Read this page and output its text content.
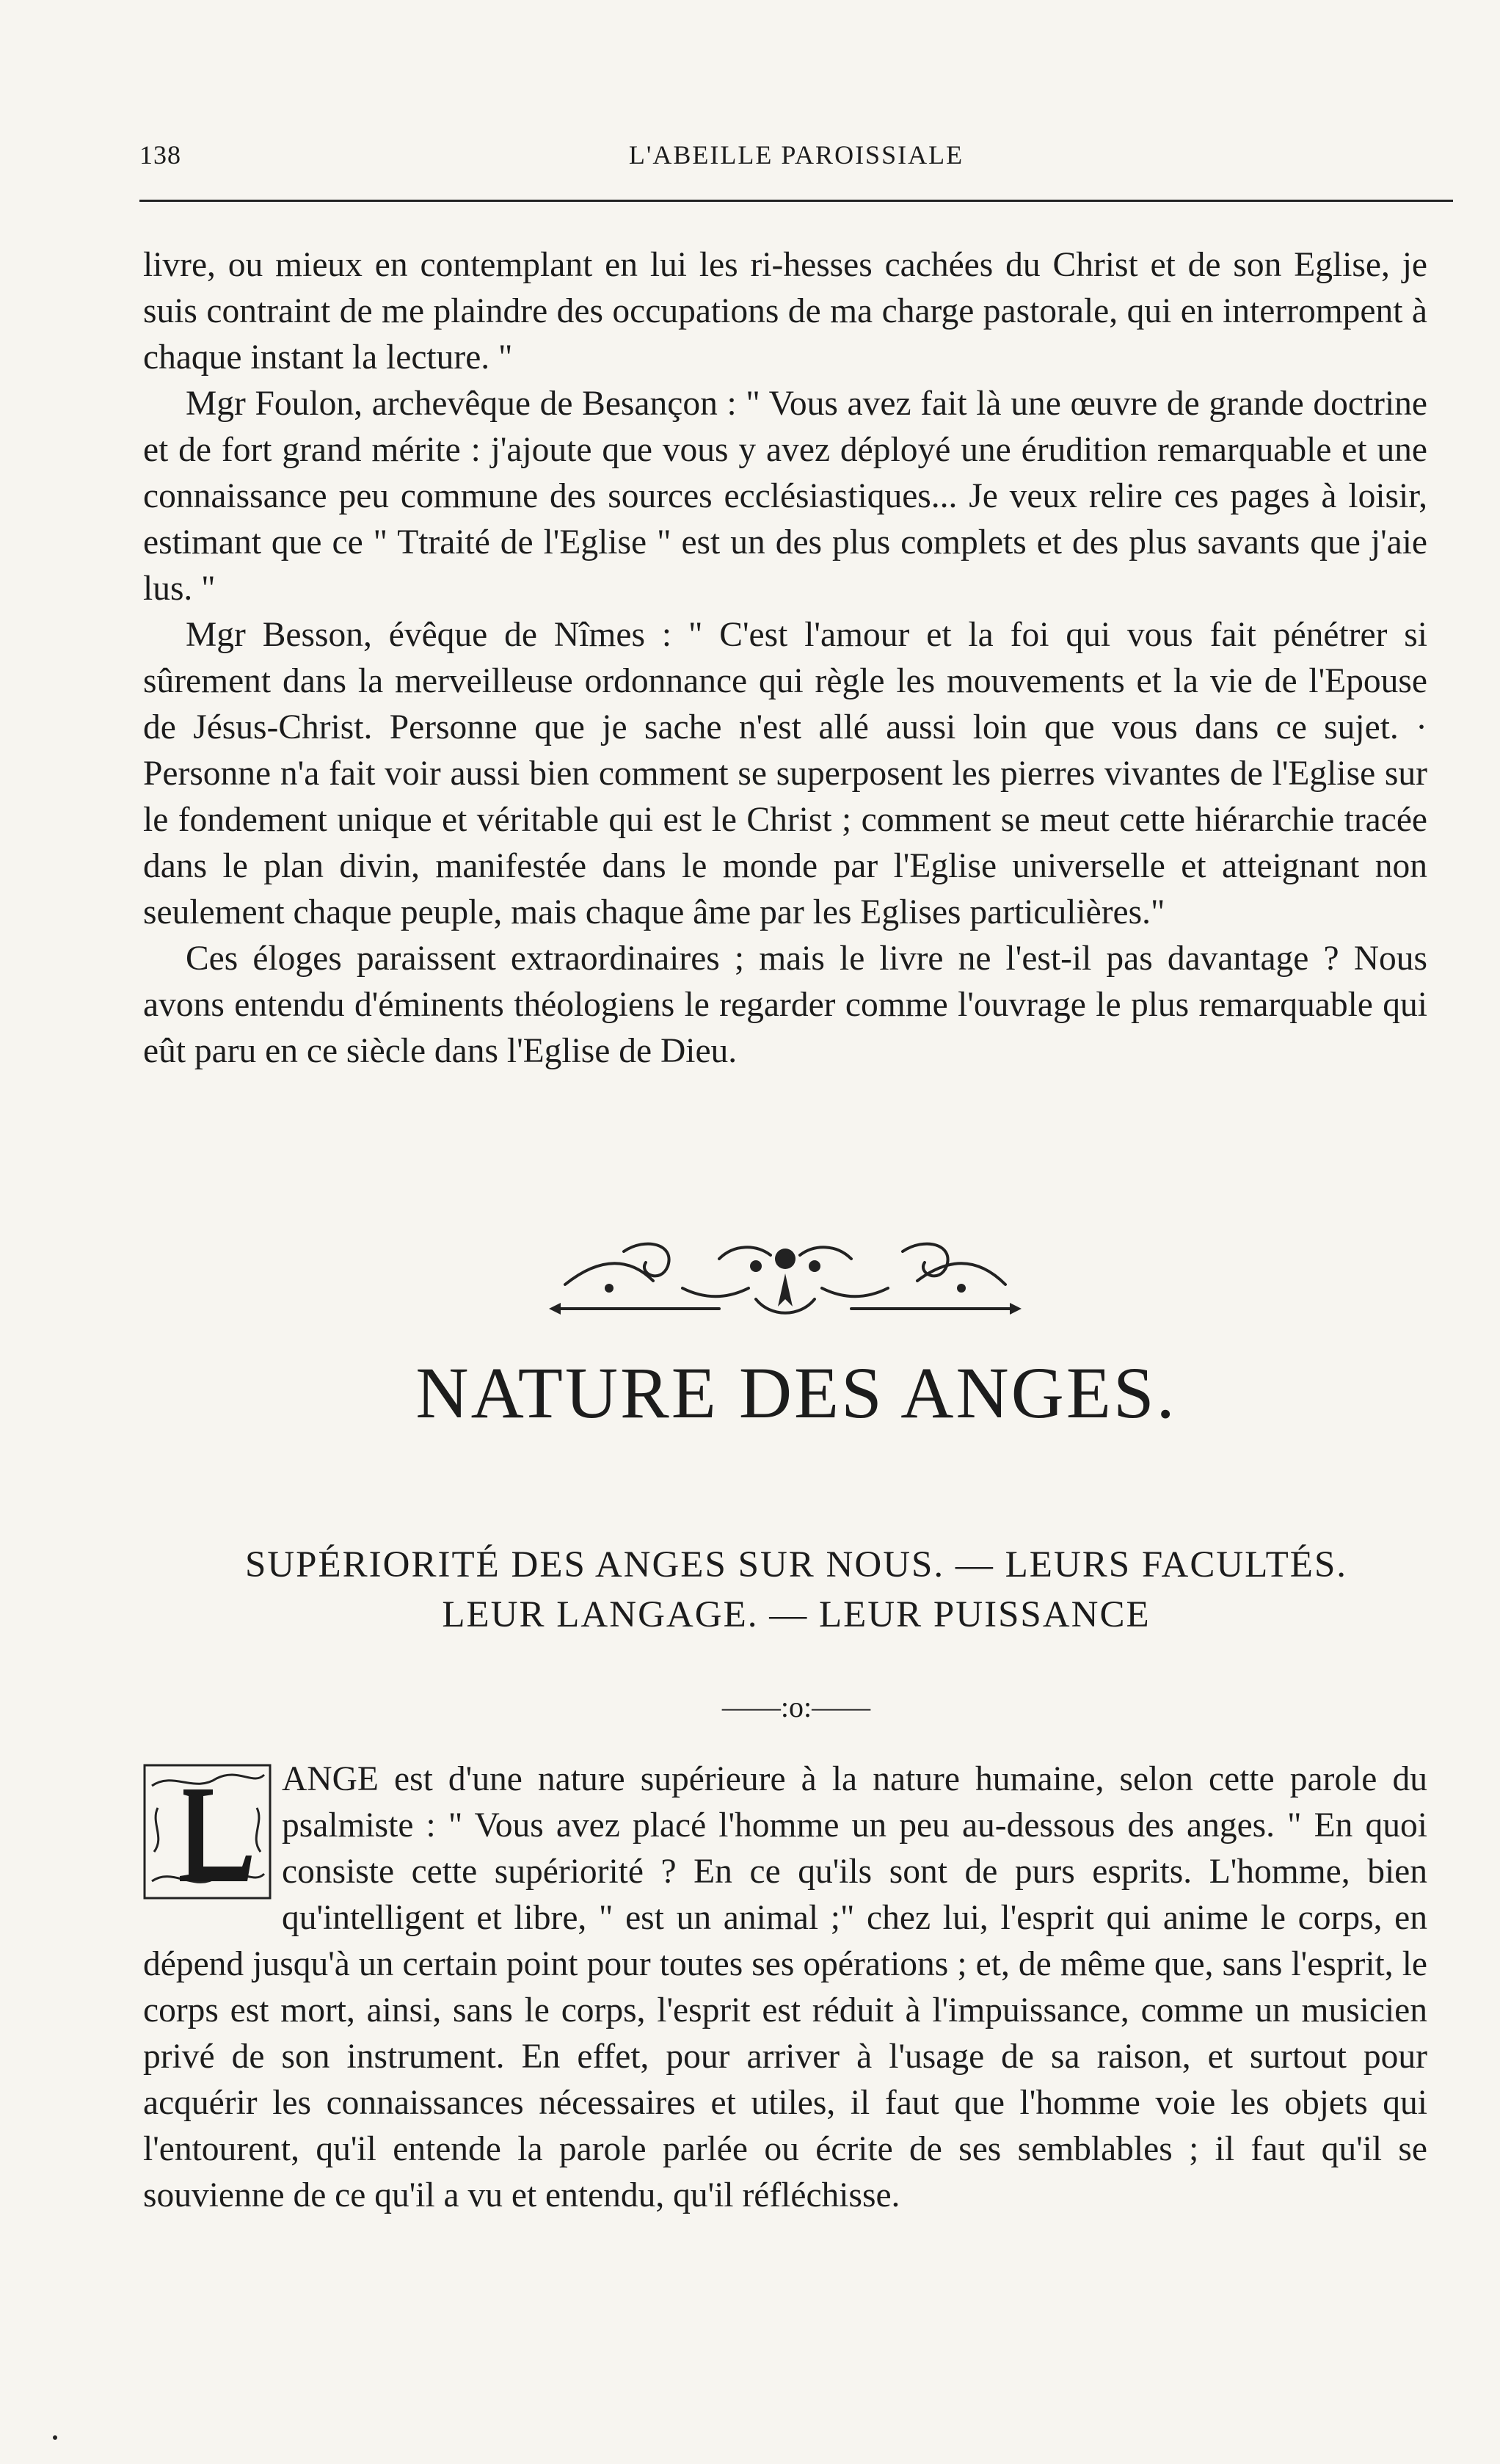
138	L'ABEILLE PAROISSIALE

livre, ou mieux en contemplant en lui les ri-hesses cachées du Christ et de son Eglise, je suis contraint de me plaindre des occupations de ma charge pastorale, qui en interrompent à chaque instant la lecture. "

Mgr Foulon, archevêque de Besançon : " Vous avez fait là une œuvre de grande doctrine et de fort grand mérite : j'ajoute que vous y avez déployé une érudition remarquable et une connaissance peu commune des sources ecclésiastiques... Je veux relire ces pages à loisir, estimant que ce " Ttraité de l'Eglise " est un des plus complets et des plus savants que j'aie lus. "

Mgr Besson, évêque de Nîmes : " C'est l'amour et la foi qui vous fait pénétrer si sûrement dans la merveilleuse ordonnance qui règle les mouvements et la vie de l'Epouse de Jésus-Christ. Personne que je sache n'est allé aussi loin que vous dans ce sujet. · Personne n'a fait voir aussi bien comment se superposent les pierres vivantes de l'Eglise sur le fondement unique et véritable qui est le Christ ; comment se meut cette hiérarchie tracée dans le plan divin, manifestée dans le monde par l'Eglise universelle et atteignant non seulement chaque peuple, mais chaque âme par les Eglises particulières."

Ces éloges paraissent extraordinaires ; mais le livre ne l'est-il pas davantage ? Nous avons entendu d'éminents théologiens le regarder comme l'ouvrage le plus remarquable qui eût paru en ce siècle dans l'Eglise de Dieu.

NATURE DES ANGES.
SUPÉRIORITÉ DES ANGES SUR NOUS. — LEURS FACULTÉS.
LEUR LANGAGE. — LEUR PUISSANCE
——:o:——

ANGE est d'une nature supérieure à la nature humaine, selon cette parole du psalmiste : " Vous avez placé l'homme un peu au-dessous des anges. " En quoi consiste cette supériorité ? En ce qu'ils sont de purs esprits. L'homme, bien qu'intelligent et libre, " est un animal ;" chez lui, l'esprit qui anime le corps, en dépend jusqu'à un certain point pour toutes ses opérations ; et, de même que, sans l'esprit, le corps est mort, ainsi, sans le corps, l'esprit est réduit à l'impuissance, comme un musicien privé de son instrument. En effet, pour arriver à l'usage de sa raison, et surtout pour acquérir les connaissances nécessaires et utiles, il faut que l'homme voie les objets qui l'entourent, qu'il entende la parole parlée ou écrite de ses semblables ; il faut qu'il se souvienne de ce qu'il a vu et entendu, qu'il réfléchisse.
